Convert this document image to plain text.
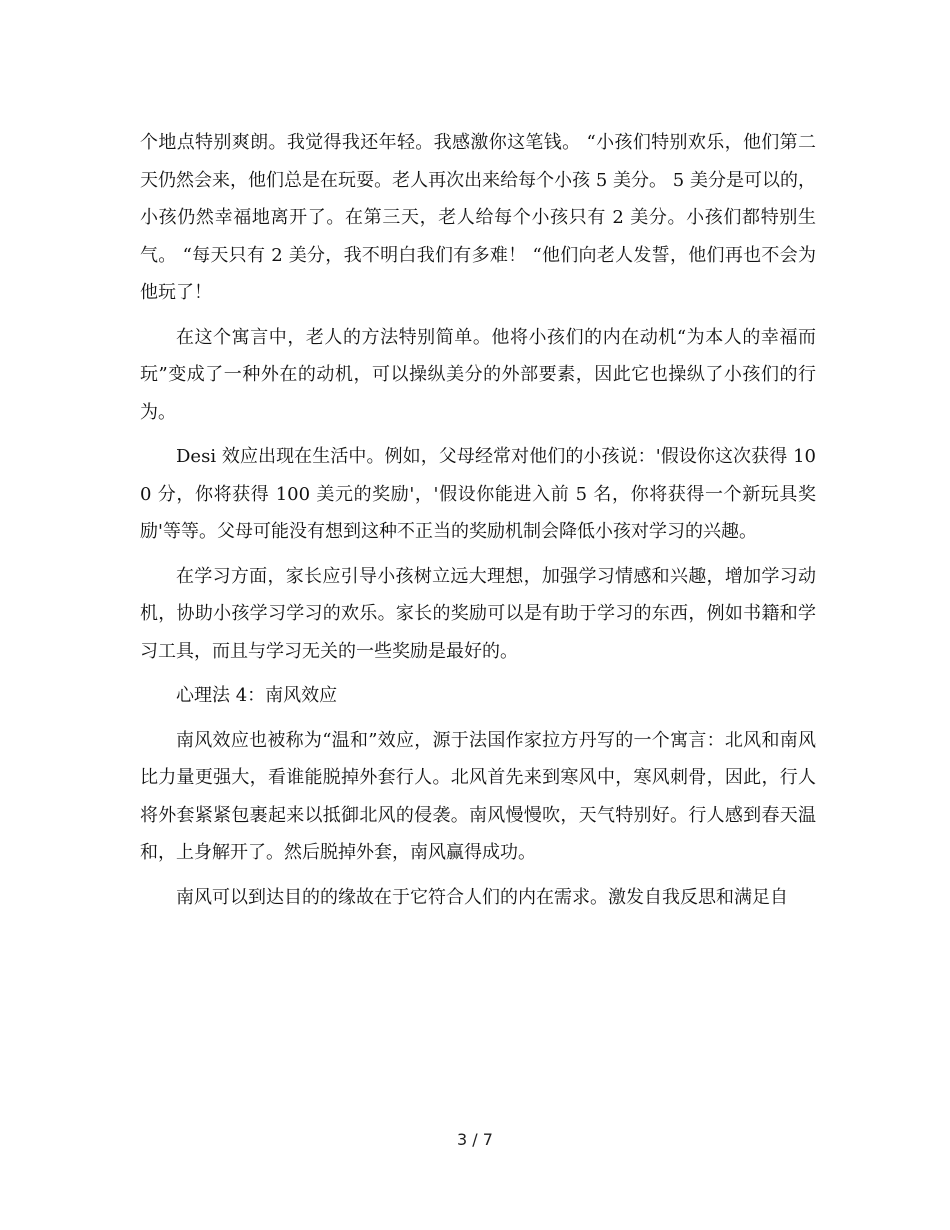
个地点特别爽朗。我觉得我还年轻。我感激你这笔钱。 “小孩们特别欢乐，他们第二天仍然会来，他们总是在玩耍。老人再次出来给每个小孩 5 美分。 5 美分是可以的，小孩仍然幸福地离开了。在第三天，老人给每个小孩只有 2 美分。小孩们都特别生气。 “每天只有 2 美分，我不明白我们有多难！ “他们向老人发誓，他们再也不会为他玩了！

在这个寓言中，老人的方法特别简单。他将小孩们的内在动机“为本人的幸福而玩”变成了一种外在的动机，可以操纵美分的外部要素，因此它也操纵了小孩们的行为。

Desi 效应出现在生活中。例如，父母经常对他们的小孩说：'假设你这次获得 100 分，你将获得 100 美元的奖励'，'假设你能进入前 5 名，你将获得一个新玩具奖励'等等。父母可能没有想到这种不正当的奖励机制会降低小孩对学习的兴趣。

在学习方面，家长应引导小孩树立远大理想，加强学习情感和兴趣，增加学习动机，协助小孩学习学习的欢乐。家长的奖励可以是有助于学习的东西，例如书籍和学习工具，而且与学习无关的一些奖励是最好的。

心理法 4：南风效应

南风效应也被称为“温和”效应，源于法国作家拉方丹写的一个寓言：北风和南风比力量更强大，看谁能脱掉外套行人。北风首先来到寒风中，寒风刺骨，因此，行人将外套紧紧包裹起来以抵御北风的侵袭。南风慢慢吹，天气特别好。行人感到春天温和，上身解开了。然后脱掉外套，南风赢得成功。

南风可以到达目的的缘故在于它符合人们的内在需求。激发自我反思和满足自

3 / 7
